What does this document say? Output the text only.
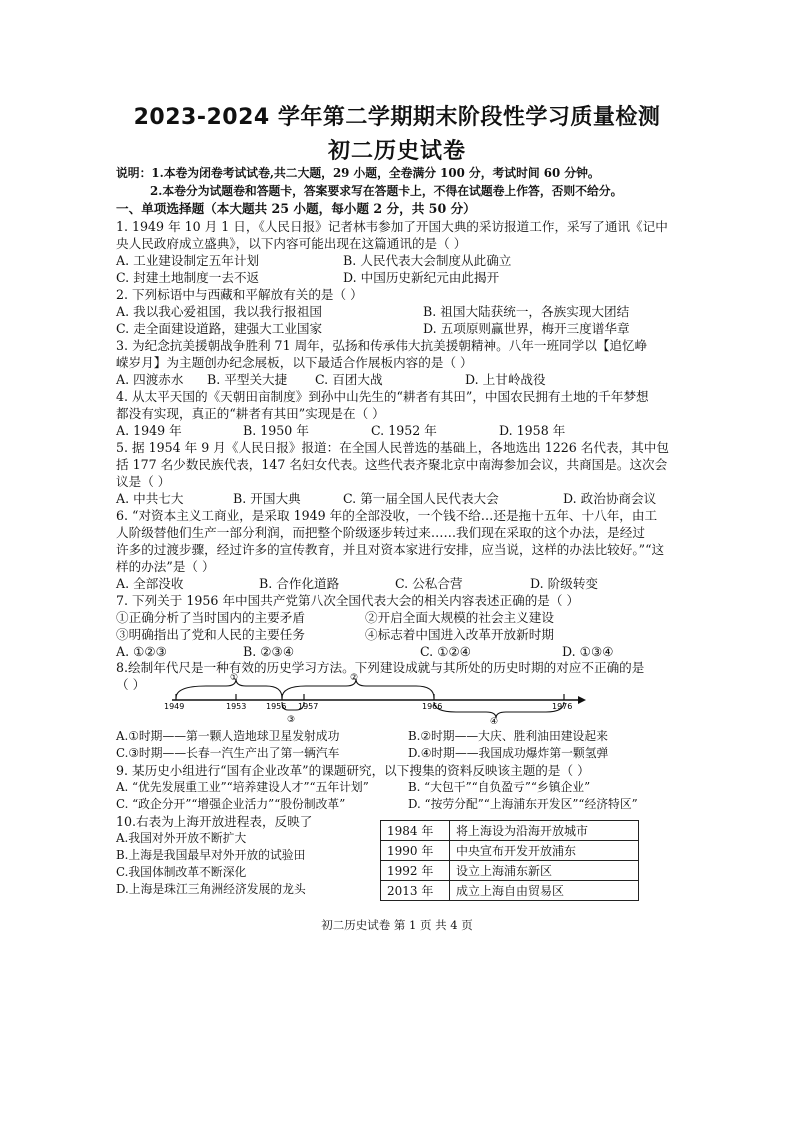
2023-2024 学年第二学期期末阶段性学习质量检测
初二历史试卷
说明：1.本卷为闭卷考试试卷,共二大题，29 小题，全卷满分 100 分，考试时间 60 分钟。
2.本卷分为试题卷和答题卡，答案要求写在答题卡上，不得在试题卷上作答，否则不给分。
一、单项选择题（本大题共 25 小题，每小题 2 分，共 50 分）
1. 1949 年 10 月 1 日，《人民日报》记者林韦参加了开国大典的采访报道工作，采写了通讯《记中
央人民政府成立盛典》，以下内容可能出现在这篇通讯的是（ ）
A. 工业建设制定五年计划	B. 人民代表大会制度从此确立
C. 封建土地制度一去不返	D. 中国历史新纪元由此揭开
2. 下列标语中与西藏和平解放有关的是（ ）
A. 我以我心爱祖国，我以我行报祖国	B. 祖国大陆获统一，各族实现大团结
C. 走全面建设道路，建强大工业国家	D. 五项原则赢世界，梅开三度谱华章
3. 为纪念抗美援朝战争胜利 71 周年，弘扬和传承伟大抗美援朝精神。八年一班同学以【追忆峥
嵘岁月】为主题创办纪念展板，以下最适合作展板内容的是（ ）
A. 四渡赤水 B. 平型关大捷 C. 百团大战	D. 上甘岭战役
4. 从太平天国的《天朝田亩制度》到孙中山先生的“耕者有其田”，中国农民拥有土地的千年梦想
都没有实现，真正的“耕者有其田”实现是在（ ）
A. 1949 年	B. 1950 年	C. 1952 年	D. 1958 年
5. 据 1954 年 9 月《人民日报》报道：在全国人民普选的基础上，各地选出 1226 名代表，其中包
括 177 名少数民族代表，147 名妇女代表。这些代表齐聚北京中南海参加会议，共商国是。这次会
议是（ ）
A. 中共七大	B. 开国大典	C. 第一届全国人民代表大会	D. 政治协商会议
6. “对资本主义工商业，是采取 1949 年的全部没收，一个钱不给…还是拖十五年、十八年，由工
人阶级替他们生产一部分利润，而把整个阶级逐步转过来……我们现在采取的这个办法，是经过
许多的过渡步骤，经过许多的宣传教育，并且对资本家进行安排，应当说，这样的办法比较好。”“这
样的办法”是（ ）
A. 全部没收	B. 合作化道路	C. 公私合营	D. 阶级转变
7. 下列关于 1956 年中国共产党第八次全国代表大会的相关内容表述正确的是（ ）
①正确分析了当时国内的主要矛盾	②开启全面大规模的社会主义建设
③明确指出了党和人民的主要任务	④标志着中国进入改革开放新时期
A. ①②③	B. ②③④	C. ①②④	D. ①③④
8.绘制年代尺是一种有效的历史学习方法。下列建设成就与其所处的历史时期的对应不正确的是
（ ）
1949	1953 1956 1957	1966	1976
①	②
③	④
A.①时期——第一颗人造地球卫星发射成功	B.②时期——大庆、胜利油田建设起来
C.③时期——长春一汽生产出了第一辆汽车	D.④时期——我国成功爆炸第一颗氢弹
9. 某历史小组进行“国有企业改革”的课题研究，以下搜集的资料反映该主题的是（ ）
A. “优先发展重工业”“培养建设人才”“五年计划”	B. “大包干”“自负盈亏”“乡镇企业”
C. “政企分开”“增强企业活力”“股份制改革”	D. “按劳分配”“上海浦东开发区”“经济特区”
10.右表为上海开放进程表，反映了
A.我国对外开放不断扩大
B.上海是我国最早对外开放的试验田
C.我国体制改革不断深化
D.上海是珠江三角洲经济发展的龙头
1984 年	将上海设为沿海开放城市
1990 年	中央宣布开发开放浦东
1992 年	设立上海浦东新区
2013 年	成立上海自由贸易区
初二历史试卷 第 1 页 共 4 页
